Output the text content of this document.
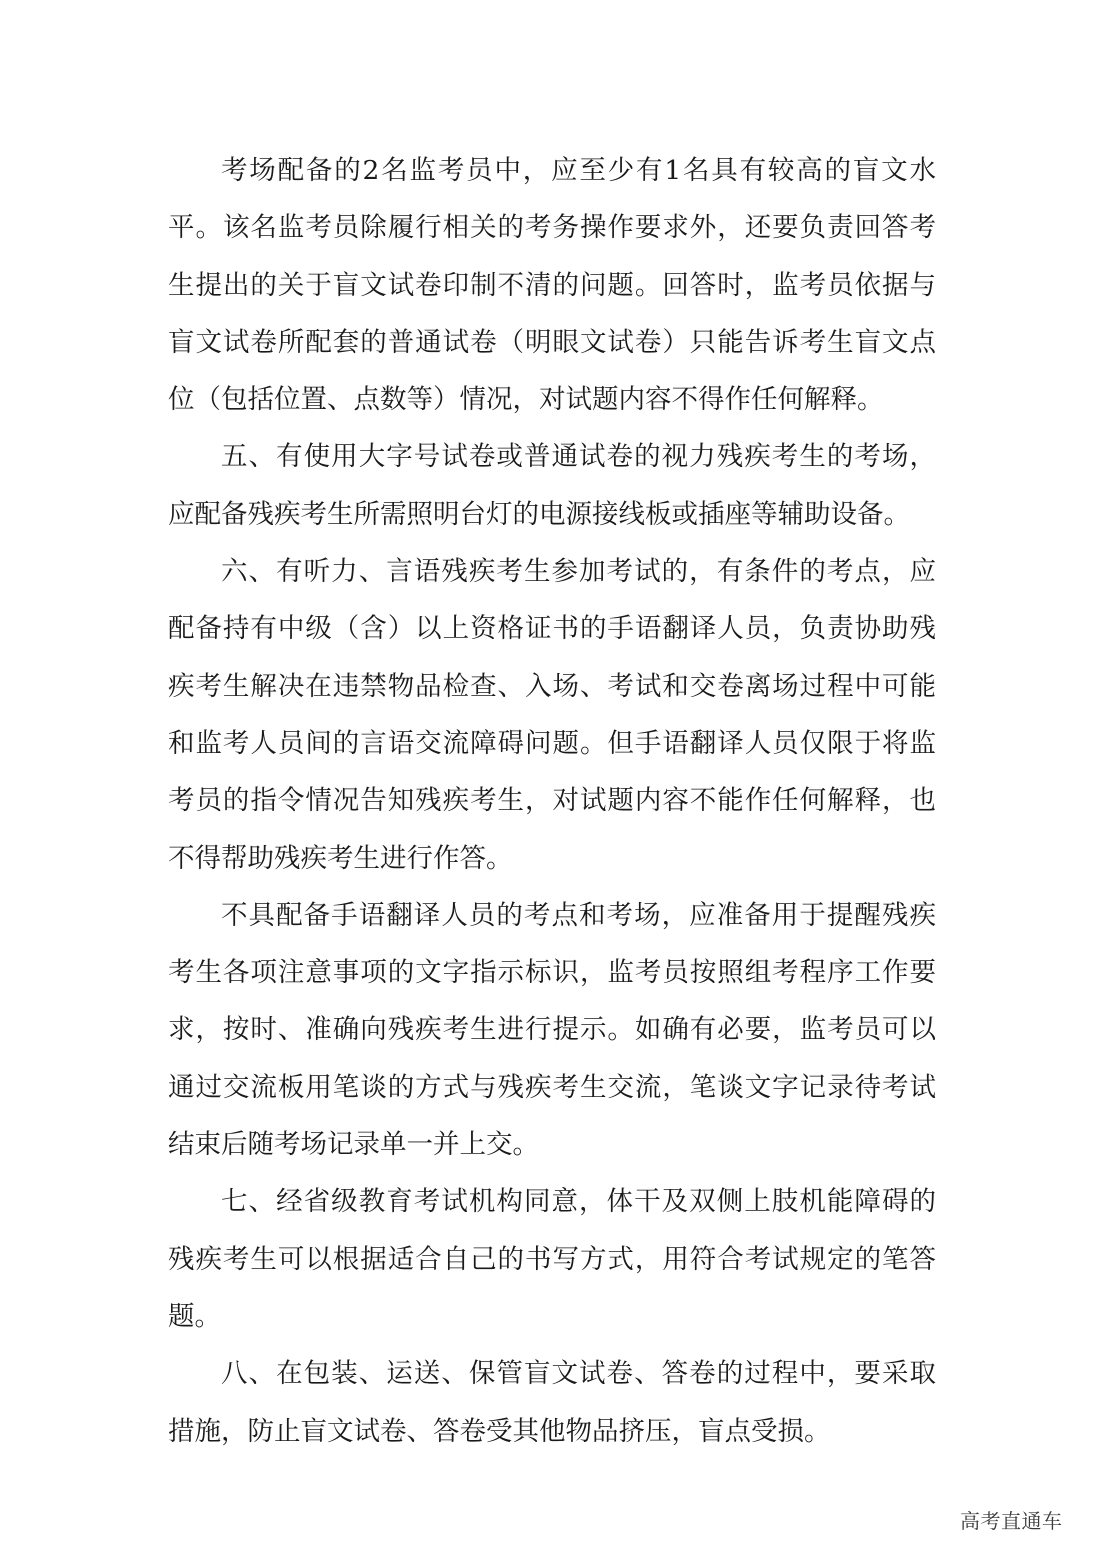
考场配备的2名监考员中，应至少有1名具有较高的盲文水平。该名监考员除履行相关的考务操作要求外，还要负责回答考生提出的关于盲文试卷印制不清的问题。回答时，监考员依据与盲文试卷所配套的普通试卷（明眼文试卷）只能告诉考生盲文点位（包括位置、点数等）情况，对试题内容不得作任何解释。

五、有使用大字号试卷或普通试卷的视力残疾考生的考场，应配备残疾考生所需照明台灯的电源接线板或插座等辅助设备。

六、有听力、言语残疾考生参加考试的，有条件的考点，应配备持有中级（含）以上资格证书的手语翻译人员，负责协助残疾考生解决在违禁物品检查、入场、考试和交卷离场过程中可能和监考人员间的言语交流障碍问题。但手语翻译人员仅限于将监考员的指令情况告知残疾考生，对试题内容不能作任何解释，也不得帮助残疾考生进行作答。

不具配备手语翻译人员的考点和考场，应准备用于提醒残疾考生各项注意事项的文字指示标识，监考员按照组考程序工作要求，按时、准确向残疾考生进行提示。如确有必要，监考员可以通过交流板用笔谈的方式与残疾考生交流，笔谈文字记录待考试结束后随考场记录单一并上交。

七、经省级教育考试机构同意，体干及双侧上肢机能障碍的残疾考生可以根据适合自己的书写方式，用符合考试规定的笔答题。

八、在包装、运送、保管盲文试卷、答卷的过程中，要采取措施，防止盲文试卷、答卷受其他物品挤压，盲点受损。

高考直通车
